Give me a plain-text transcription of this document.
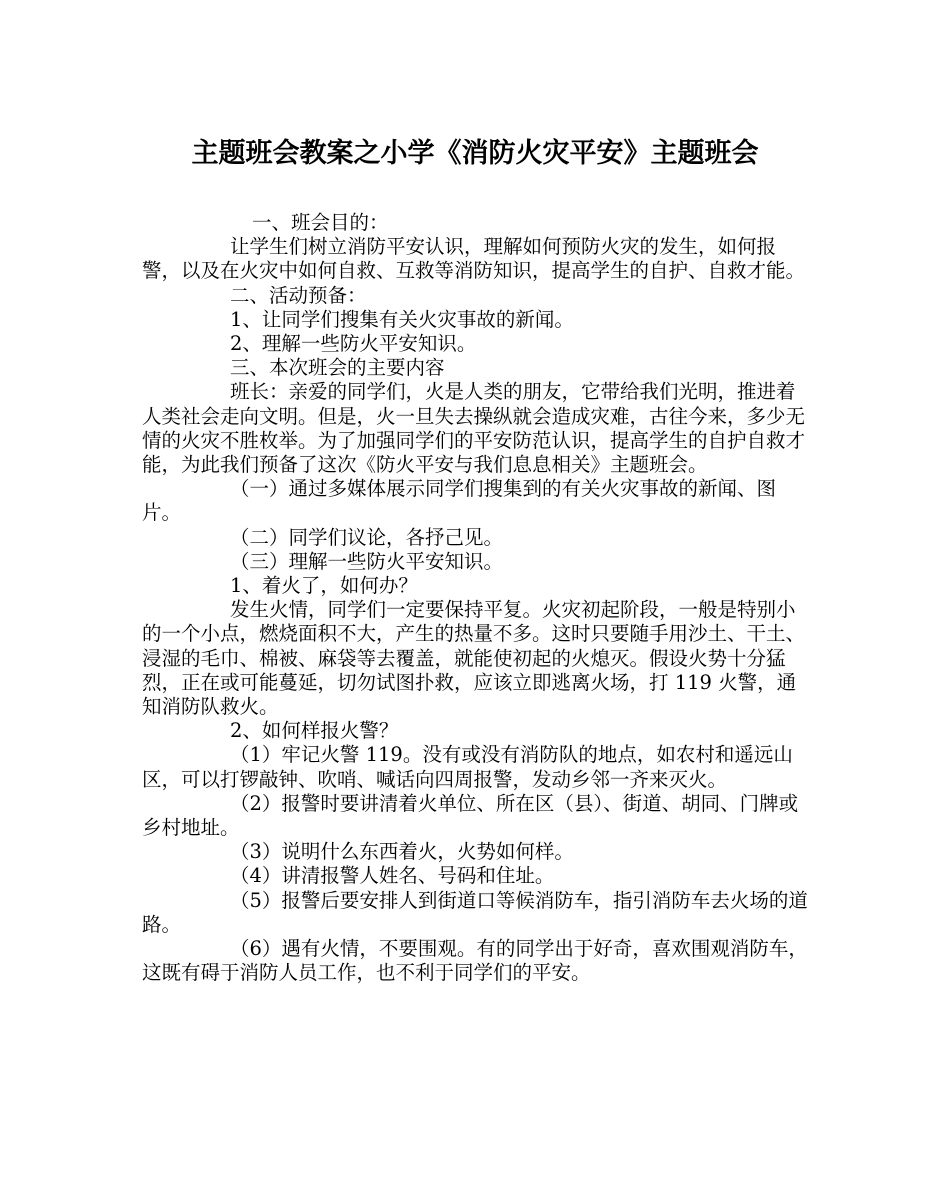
主题班会教案之小学《消防火灾平安》主题班会

一、班会目的：

让学生们树立消防平安认识，理解如何预防火灾的发生，如何报警，以及在火灾中如何自救、互救等消防知识，提高学生的自护、自救才能。

二、活动预备：

1、让同学们搜集有关火灾事故的新闻。

2、理解一些防火平安知识。

三、本次班会的主要内容

班长：亲爱的同学们，火是人类的朋友，它带给我们光明，推进着人类社会走向文明。但是，火一旦失去操纵就会造成灾难，古往今来，多少无情的火灾不胜枚举。为了加强同学们的平安防范认识，提高学生的自护自救才能，为此我们预备了这次《防火平安与我们息息相关》主题班会。

（一）通过多媒体展示同学们搜集到的有关火灾事故的新闻、图片。

（二）同学们议论，各抒己见。

（三）理解一些防火平安知识。

1、着火了，如何办？

发生火情，同学们一定要保持平复。火灾初起阶段，一般是特别小的一个小点，燃烧面积不大，产生的热量不多。这时只要随手用沙土、干土、浸湿的毛巾、棉被、麻袋等去覆盖，就能使初起的火熄灭。假设火势十分猛烈，正在或可能蔓延，切勿试图扑救，应该立即逃离火场，打 119 火警，通知消防队救火。

2、如何样报火警？

（1）牢记火警 119。没有或没有消防队的地点，如农村和遥远山区，可以打锣敲钟、吹哨、喊话向四周报警，发动乡邻一齐来灭火。

（2）报警时要讲清着火单位、所在区（县）、街道、胡同、门牌或乡村地址。

（3）说明什么东西着火，火势如何样。

（4）讲清报警人姓名、号码和住址。

（5）报警后要安排人到街道口等候消防车，指引消防车去火场的道路。

（6）遇有火情，不要围观。有的同学出于好奇，喜欢围观消防车，这既有碍于消防人员工作，也不利于同学们的平安。
